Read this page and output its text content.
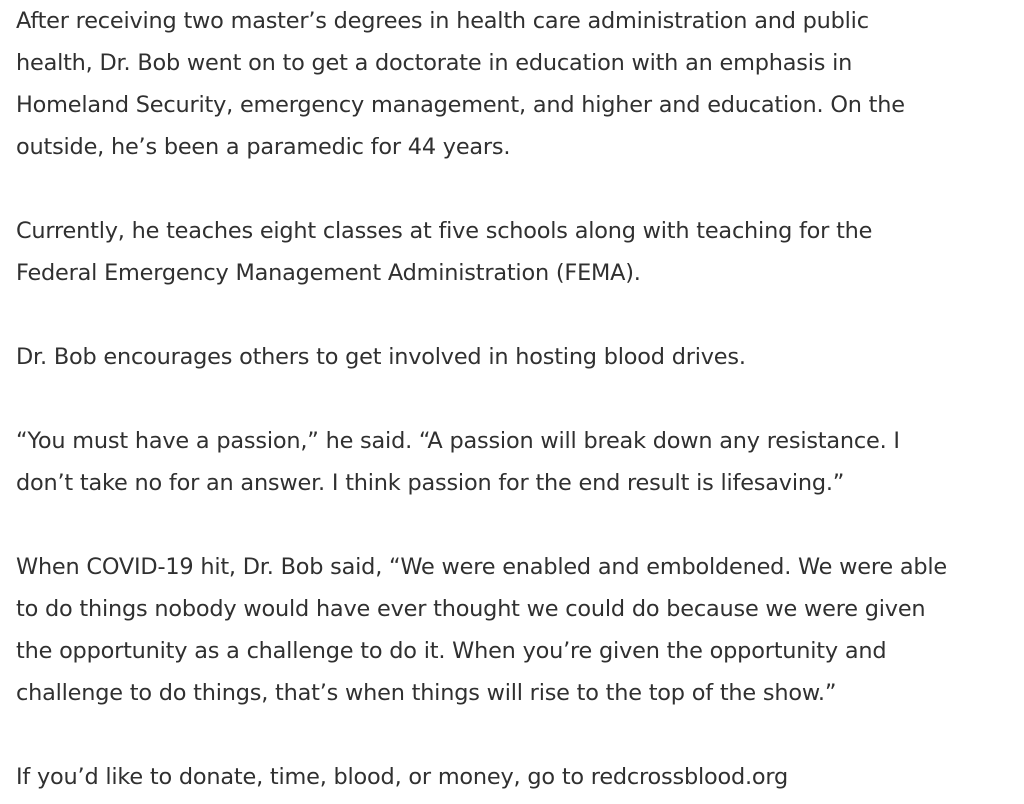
After receiving two master’s degrees in health care administration and public
health, Dr. Bob went on to get a doctorate in education with an emphasis in
Homeland Security, emergency management, and higher and education. On the
outside, he’s been a paramedic for 44 years.

Currently, he teaches eight classes at five schools along with teaching for the
Federal Emergency Management Administration (FEMA).

Dr. Bob encourages others to get involved in hosting blood drives.

“You must have a passion,” he said. “A passion will break down any resistance. I
don’t take no for an answer. I think passion for the end result is lifesaving.”

When COVID-19 hit, Dr. Bob said, “We were enabled and emboldened. We were able
to do things nobody would have ever thought we could do because we were given
the opportunity as a challenge to do it. When you’re given the opportunity and
challenge to do things, that’s when things will rise to the top of the show.”

If you’d like to donate, time, blood, or money, go to redcrossblood.org
